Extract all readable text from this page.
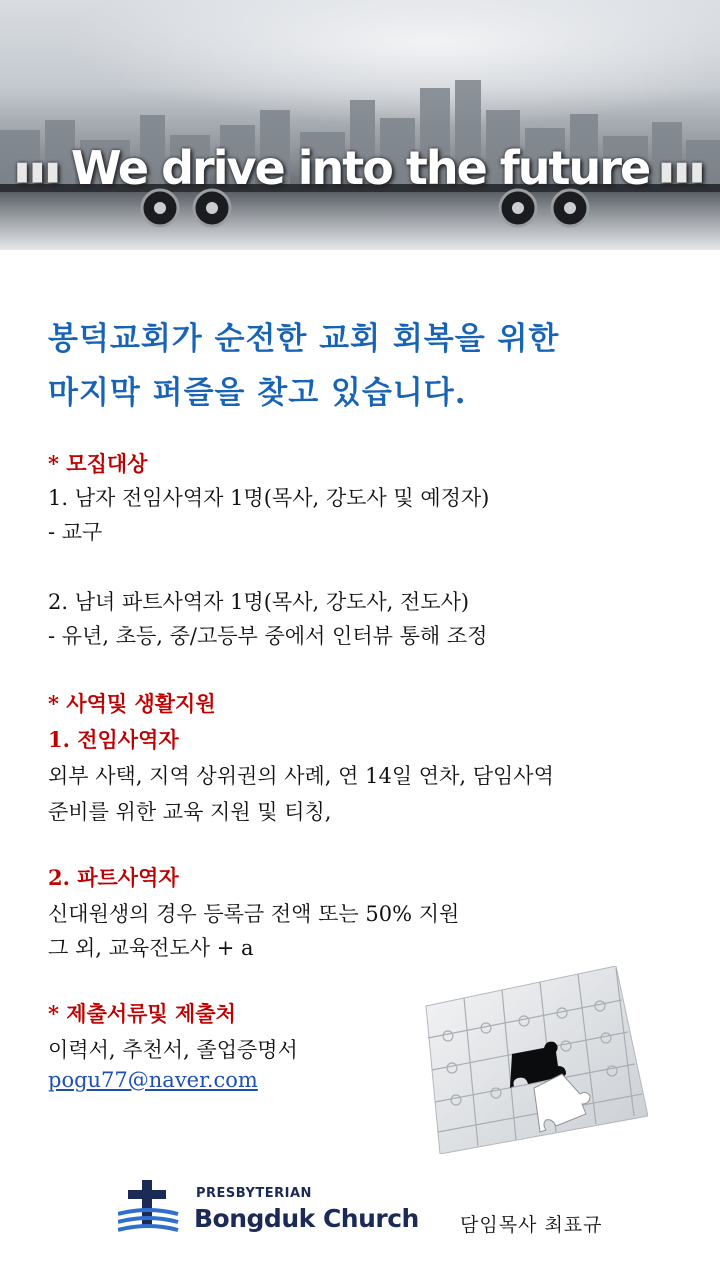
▮▮▮ We drive into the future ▮▮▮
봉덕교회가 순전한 교회 회복을 위한
마지막 퍼즐을 찾고 있습니다.
* 모집대상
1. 남자 전임사역자 1명(목사, 강도사 및 예정자)
- 교구
2. 남녀 파트사역자 1명(목사, 강도사, 전도사)
- 유년, 초등, 중/고등부 중에서 인터뷰 통해 조정
* 사역및 생활지원
1. 전임사역자
외부 사택, 지역 상위권의 사례, 연 14일 연차, 담임사역
준비를 위한 교육 지원 및 티칭,
2. 파트사역자
신대원생의 경우 등록금 전액 또는 50% 지원
그 외, 교육전도사 + a
* 제출서류및 제출처
이력서, 추천서, 졸업증명서
pogu77@naver.com
PRESBYTERIAN
Bongduk Church 담임목사 최표규
